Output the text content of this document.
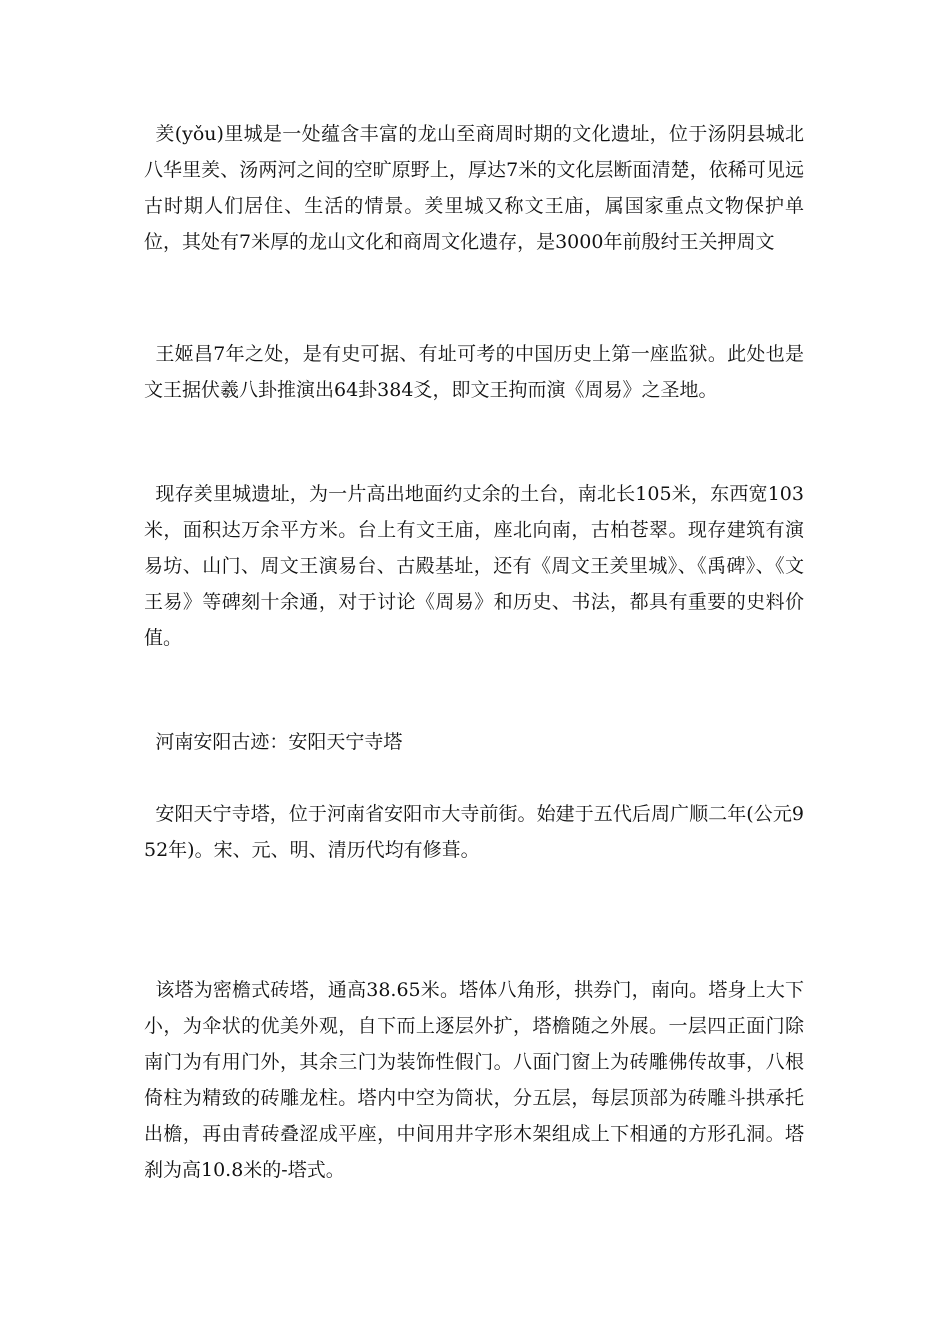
羑(yǒu)里城是一处蕴含丰富的龙山至商周时期的文化遗址，位于汤阴县城北八华里羑、汤两河之间的空旷原野上，厚达7米的文化层断面清楚，依稀可见远古时期人们居住、生活的情景。羑里城又称文王庙，属国家重点文物保护单位，其处有7米厚的龙山文化和商周文化遗存，是3000年前殷纣王关押周文

王姬昌7年之处，是有史可据、有址可考的中国历史上第一座监狱。此处也是文王据伏羲八卦推演出64卦384爻，即文王拘而演《周易》之圣地。

现存羑里城遗址，为一片高出地面约丈余的土台，南北长105米，东西宽103米，面积达万余平方米。台上有文王庙，座北向南，古柏苍翠。现存建筑有演易坊、山门、周文王演易台、古殿基址，还有《周文王羑里城》、《禹碑》、《文王易》等碑刻十余通，对于讨论《周易》和历史、书法，都具有重要的史料价值。

河南安阳古迹：安阳天宁寺塔

安阳天宁寺塔，位于河南省安阳市大寺前街。始建于五代后周广顺二年(公元952年)。宋、元、明、清历代均有修葺。

该塔为密檐式砖塔，通高38.65米。塔体八角形，拱券门，南向。塔身上大下小，为伞状的优美外观，自下而上逐层外扩，塔檐随之外展。一层四正面门除南门为有用门外，其余三门为装饰性假门。八面门窗上为砖雕佛传故事，八根倚柱为精致的砖雕龙柱。塔内中空为筒状，分五层，每层顶部为砖雕斗拱承托出檐，再由青砖叠涩成平座，中间用井字形木架组成上下相通的方形孔洞。塔刹为高10.8米的-塔式。
